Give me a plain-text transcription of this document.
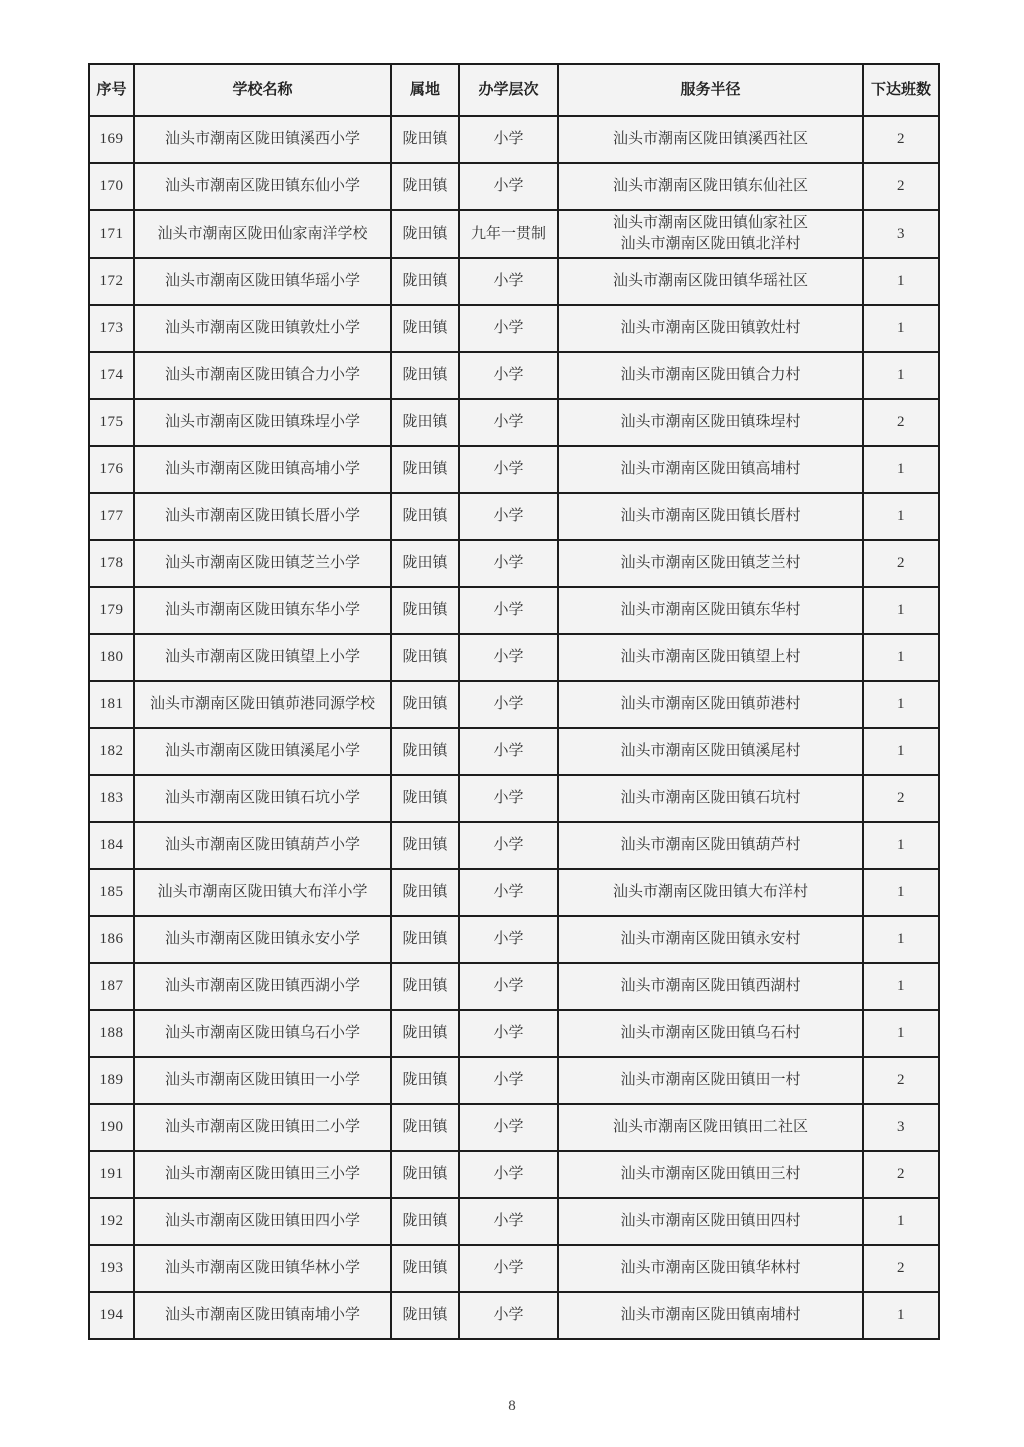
序号	学校名称	属地	办学层次	服务半径	下达班数
169	汕头市潮南区陇田镇溪西小学	陇田镇	小学	汕头市潮南区陇田镇溪西社区	2
170	汕头市潮南区陇田镇东仙小学	陇田镇	小学	汕头市潮南区陇田镇东仙社区	2
171	汕头市潮南区陇田仙家南洋学校	陇田镇	九年一贯制	汕头市潮南区陇田镇仙家社区
汕头市潮南区陇田镇北洋村	3
172	汕头市潮南区陇田镇华瑶小学	陇田镇	小学	汕头市潮南区陇田镇华瑶社区	1
173	汕头市潮南区陇田镇敦灶小学	陇田镇	小学	汕头市潮南区陇田镇敦灶村	1
174	汕头市潮南区陇田镇合力小学	陇田镇	小学	汕头市潮南区陇田镇合力村	1
175	汕头市潮南区陇田镇珠埕小学	陇田镇	小学	汕头市潮南区陇田镇珠埕村	2
176	汕头市潮南区陇田镇高埔小学	陇田镇	小学	汕头市潮南区陇田镇高埔村	1
177	汕头市潮南区陇田镇长厝小学	陇田镇	小学	汕头市潮南区陇田镇长厝村	1
178	汕头市潮南区陇田镇芝兰小学	陇田镇	小学	汕头市潮南区陇田镇芝兰村	2
179	汕头市潮南区陇田镇东华小学	陇田镇	小学	汕头市潮南区陇田镇东华村	1
180	汕头市潮南区陇田镇望上小学	陇田镇	小学	汕头市潮南区陇田镇望上村	1
181	汕头市潮南区陇田镇茆港同源学校	陇田镇	小学	汕头市潮南区陇田镇茆港村	1
182	汕头市潮南区陇田镇溪尾小学	陇田镇	小学	汕头市潮南区陇田镇溪尾村	1
183	汕头市潮南区陇田镇石坑小学	陇田镇	小学	汕头市潮南区陇田镇石坑村	2
184	汕头市潮南区陇田镇葫芦小学	陇田镇	小学	汕头市潮南区陇田镇葫芦村	1
185	汕头市潮南区陇田镇大布洋小学	陇田镇	小学	汕头市潮南区陇田镇大布洋村	1
186	汕头市潮南区陇田镇永安小学	陇田镇	小学	汕头市潮南区陇田镇永安村	1
187	汕头市潮南区陇田镇西湖小学	陇田镇	小学	汕头市潮南区陇田镇西湖村	1
188	汕头市潮南区陇田镇乌石小学	陇田镇	小学	汕头市潮南区陇田镇乌石村	1
189	汕头市潮南区陇田镇田一小学	陇田镇	小学	汕头市潮南区陇田镇田一村	2
190	汕头市潮南区陇田镇田二小学	陇田镇	小学	汕头市潮南区陇田镇田二社区	3
191	汕头市潮南区陇田镇田三小学	陇田镇	小学	汕头市潮南区陇田镇田三村	2
192	汕头市潮南区陇田镇田四小学	陇田镇	小学	汕头市潮南区陇田镇田四村	1
193	汕头市潮南区陇田镇华林小学	陇田镇	小学	汕头市潮南区陇田镇华林村	2
194	汕头市潮南区陇田镇南埔小学	陇田镇	小学	汕头市潮南区陇田镇南埔村	1
8
